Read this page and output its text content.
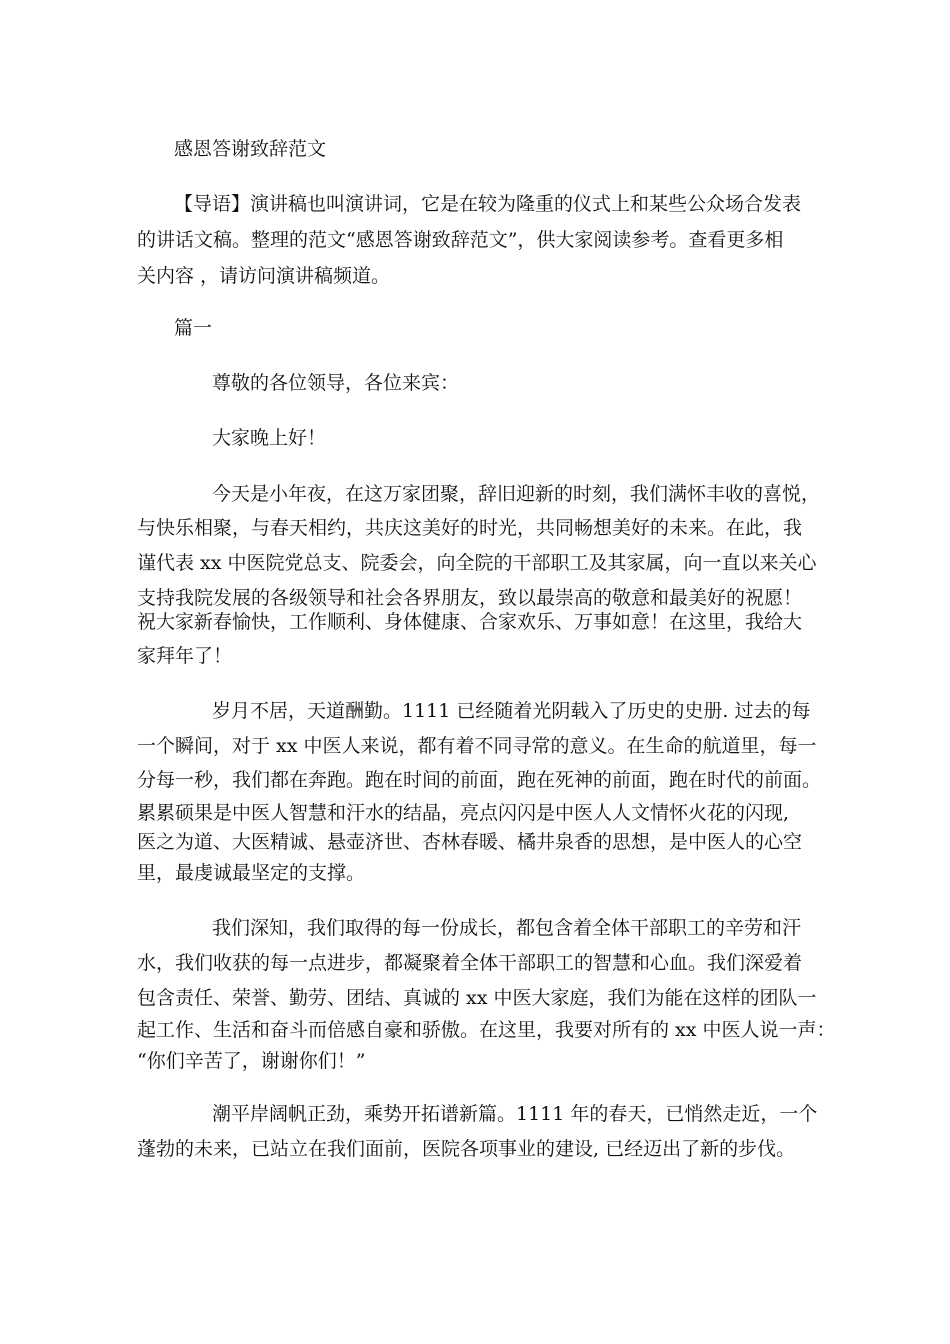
感恩答谢致辞范文
【导语】演讲稿也叫演讲词，它是在较为隆重的仪式上和某些公众场合发表
的讲话文稿。整理的范文“感恩答谢致辞范文”，供大家阅读参考。查看更多相
关内容 ，请访问演讲稿频道。
篇一
尊敬的各位领导，各位来宾：
大家晚上好！
今天是小年夜，在这万家团聚，辞旧迎新的时刻，我们满怀丰收的喜悦，
与快乐相聚，与春天相约，共庆这美好的时光，共同畅想美好的未来。在此，我
谨代表 xx 中医院党总支、院委会，向全院的干部职工及其家属，向一直以来关心
支持我院发展的各级领导和社会各界朋友，致以最崇高的敬意和最美好的祝愿！
祝大家新春愉快，工作顺利、身体健康、合家欢乐、万事如意！在这里，我给大
家拜年了！
岁月不居，天道酬勤。1111 已经随着光阴载入了历史的史册. 过去的每
一个瞬间，对于 xx 中医人来说，都有着不同寻常的意义。在生命的航道里，每一
分每一秒，我们都在奔跑。跑在时间的前面，跑在死神的前面，跑在时代的前面。
累累硕果是中医人智慧和汗水的结晶，亮点闪闪是中医人人文情怀火花的闪现,
医之为道、大医精诚、悬壶济世、杏林春暖、橘井泉香的思想，是中医人的心空
里，最虔诚最坚定的支撑。
我们深知，我们取得的每一份成长，都包含着全体干部职工的辛劳和汗
水，我们收获的每一点进步，都凝聚着全体干部职工的智慧和心血。我们深爱着
包含责任、荣誉、勤劳、团结、真诚的 xx 中医大家庭，我们为能在这样的团队一
起工作、生活和奋斗而倍感自豪和骄傲。在这里，我要对所有的 xx 中医人说一声：
“你们辛苦了，谢谢你们！”
潮平岸阔帆正劲，乘势开拓谱新篇。1111 年的春天，已悄然走近，一个
蓬勃的未来，已站立在我们面前，医院各项事业的建设, 已经迈出了新的步伐。
